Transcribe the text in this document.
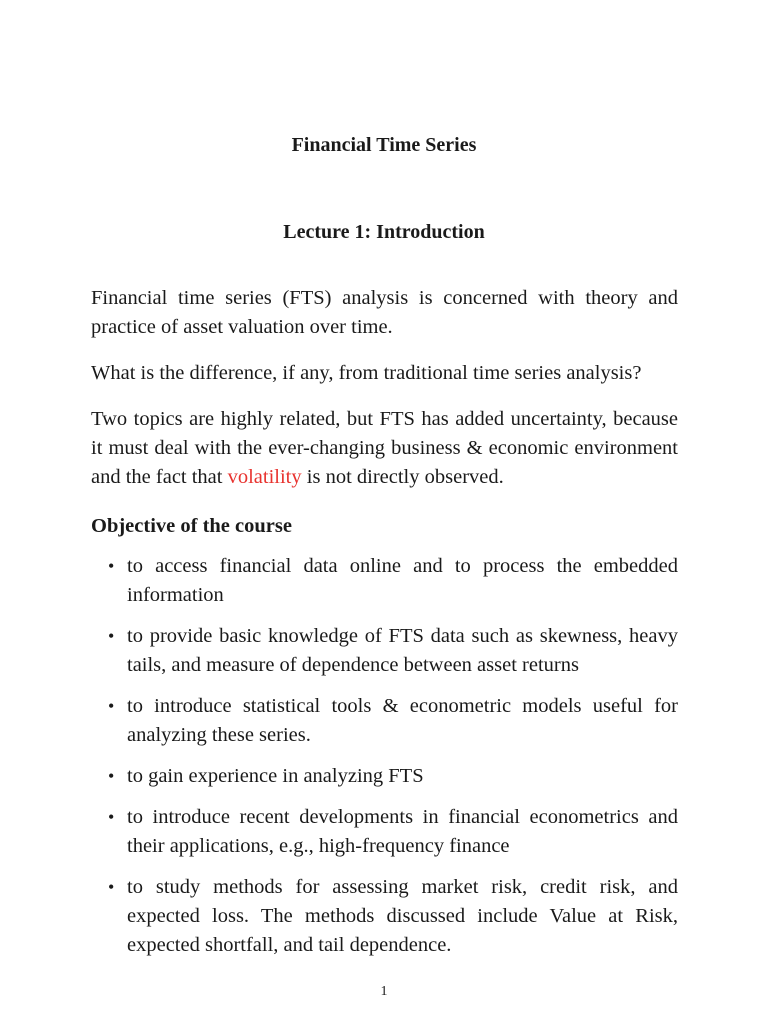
Financial Time Series
Lecture 1: Introduction

Financial time series (FTS) analysis is concerned with theory and practice of asset valuation over time.

What is the difference, if any, from traditional time series analysis?

Two topics are highly related, but FTS has added uncertainty, because it must deal with the ever-changing business & economic environment and the fact that volatility is not directly observed.

Objective of the course
• to access financial data online and to process the embedded information
• to provide basic knowledge of FTS data such as skewness, heavy tails, and measure of dependence between asset returns
• to introduce statistical tools & econometric models useful for analyzing these series.
• to gain experience in analyzing FTS
• to introduce recent developments in financial econometrics and their applications, e.g., high-frequency finance
• to study methods for assessing market risk, credit risk, and expected loss. The methods discussed include Value at Risk, expected shortfall, and tail dependence.
1
